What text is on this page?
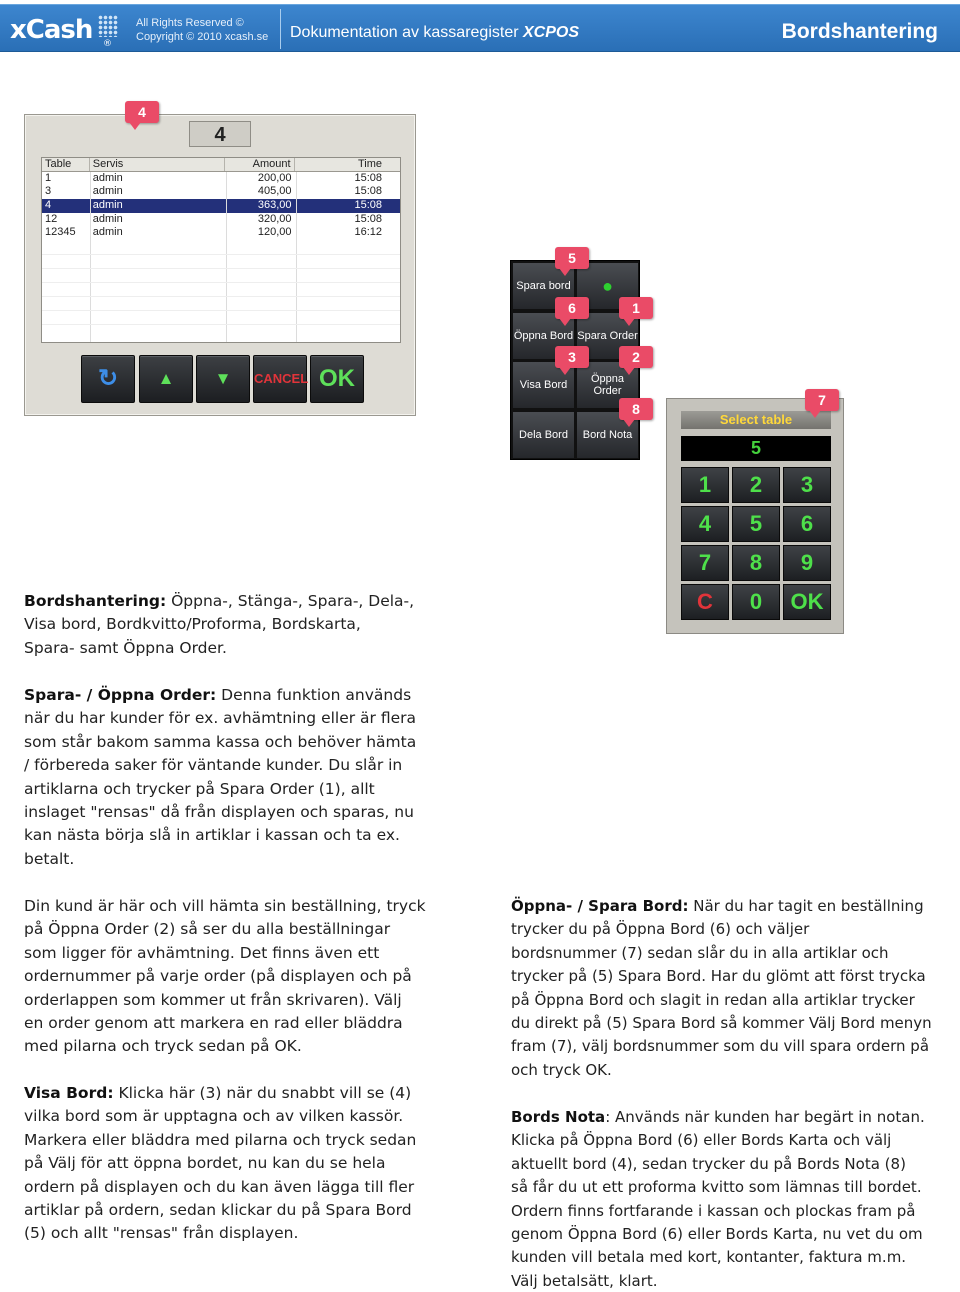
xCash ®
All Rights Reserved ©
Copyright © 2010 xcash.se Dokumentation av kassaregister XCPOS	Bordshantering
4
4
Table	Servis	Amount	Time
1	admin	200,00	15:08
3	admin	405,00	15:08
4	admin	363,00	15:08
12	admin	320,00	15:08
12345	admin	120,00	16:12
↻	▲	▼	CANCEL OK
Spara bord	●
Öppna Bord Spara Order
Visa Bord	Öppna Order
Dela Bord	Bord Nota
5
6	1
3	2
8
7
Select table
5
1	2	3
4	5	6
7	8	9
C	0	OK
Bordshantering: Öppna-, Stänga-, Spara-, Dela-,
Visa bord, Bordkvitto/Proforma, Bordskarta,
Spara- samt Öppna Order.
Spara- / Öppna Order: Denna funktion används
när du har kunder för ex. avhämtning eller är flera
som står bakom samma kassa och behöver hämta
/ förbereda saker för väntande kunder. Du slår in
artiklarna och trycker på Spara Order (1), allt
inslaget "rensas" då från displayen och sparas, nu
kan nästa börja slå in artiklar i kassan och ta ex.
betalt.
Din kund är här och vill hämta sin beställning, tryck
på Öppna Order (2) så ser du alla beställningar
som ligger för avhämtning. Det finns även ett
ordernummer på varje order (på displayen och på
orderlappen som kommer ut från skrivaren). Välj
en order genom att markera en rad eller bläddra
med pilarna och tryck sedan på OK.
Visa Bord: Klicka här (3) när du snabbt vill se (4)
vilka bord som är upptagna och av vilken kassör.
Markera eller bläddra med pilarna och tryck sedan
på Välj för att öppna bordet, nu kan du se hela
ordern på displayen och du kan även lägga till fler
artiklar på ordern, sedan klickar du på Spara Bord
(5) och allt "rensas" från displayen.
Öppna- / Spara Bord: När du har tagit en beställning
trycker du på Öppna Bord (6) och väljer
bordsnummer (7) sedan slår du in alla artiklar och
trycker på (5) Spara Bord. Har du glömt att först trycka
på Öppna Bord och slagit in redan alla artiklar trycker
du direkt på (5) Spara Bord så kommer Välj Bord menyn
fram (7), välj bordsnummer som du vill spara ordern på
och tryck OK.
Bords Nota: Används när kunden har begärt in notan.
Klicka på Öppna Bord (6) eller Bords Karta och välj
aktuellt bord (4), sedan trycker du på Bords Nota (8)
så får du ut ett proforma kvitto som lämnas till bordet.
Ordern finns fortfarande i kassan och plockas fram på
genom Öppna Bord (6) eller Bords Karta, nu vet du om
kunden vill betala med kort, kontanter, faktura m.m.
Välj betalsätt, klart.
